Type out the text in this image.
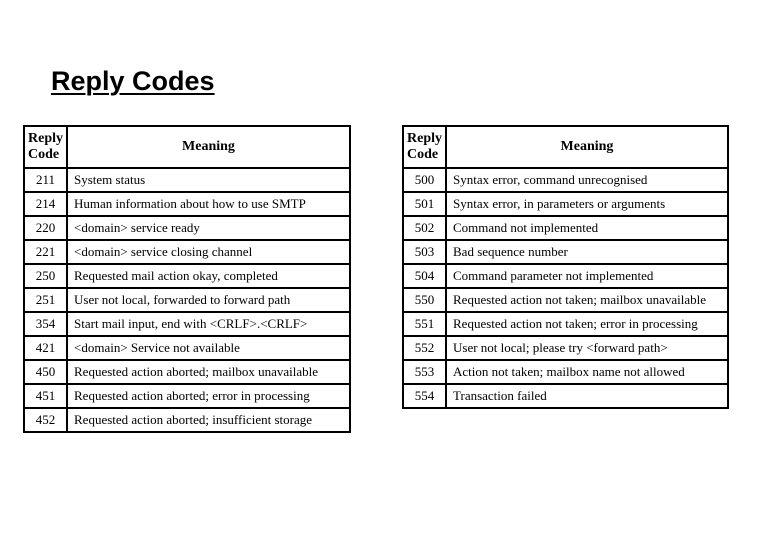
Reply Codes
Reply
Code	Meaning
211	System status
214	Human information about how to use SMTP
220	<domain> service ready
221	<domain> service closing channel
250	Requested mail action okay, completed
251	User not local, forwarded to forward path
354	Start mail input, end with <CRLF>.<CRLF>
421	<domain> Service not available
450	Requested action aborted; mailbox unavailable
451	Requested action aborted; error in processing
452	Requested action aborted; insufficient storage
Reply
Code	Meaning
500	Syntax error, command unrecognised
501	Syntax error, in parameters or arguments
502	Command not implemented
503	Bad sequence number
504	Command parameter not implemented
550	Requested action not taken; mailbox unavailable
551	Requested action not taken; error in processing
552	User not local; please try <forward path>
553	Action not taken; mailbox name not allowed
554	Transaction failed
